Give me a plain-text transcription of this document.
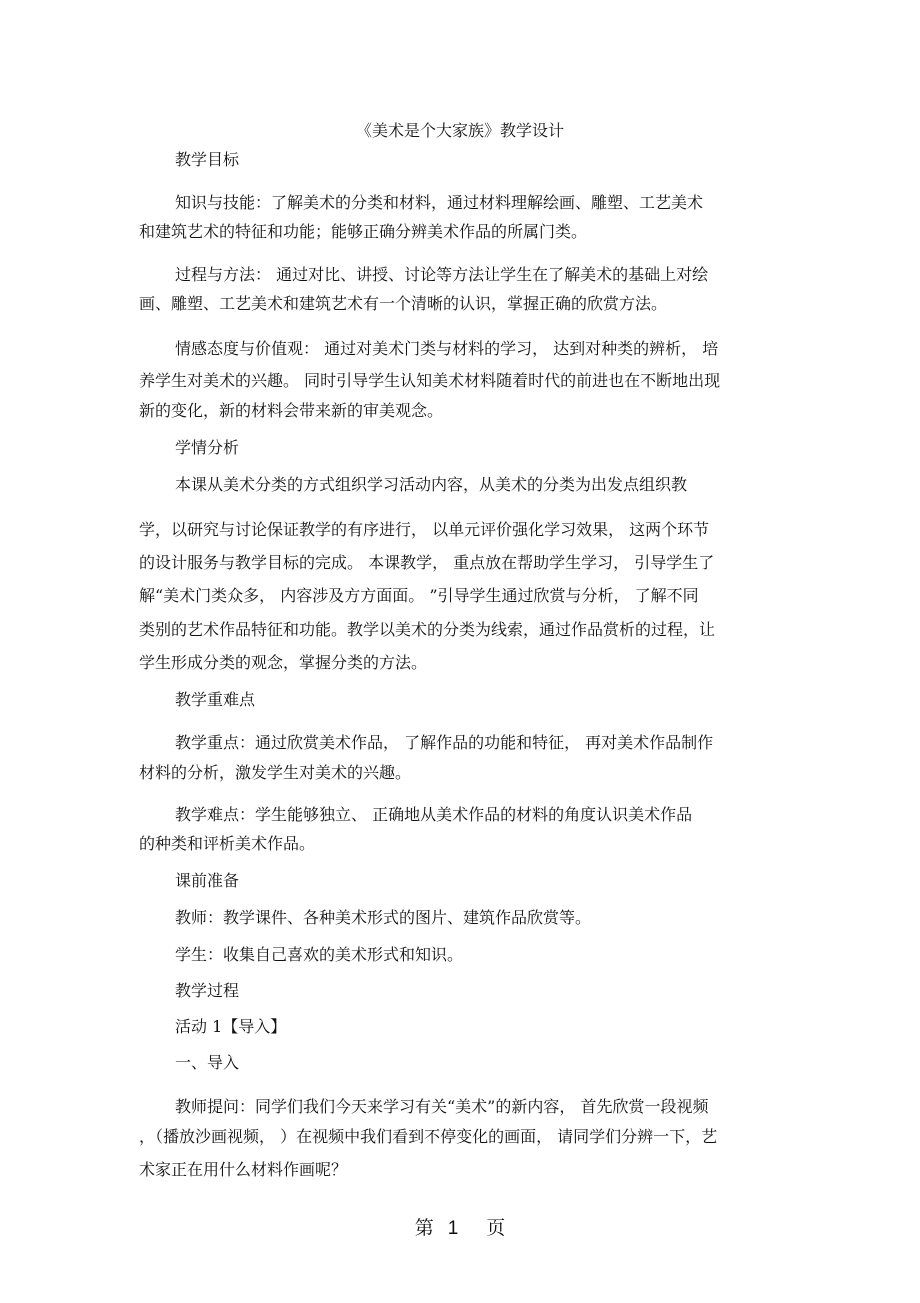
《美术是个大家族》教学设计
教学目标
知识与技能：了解美术的分类和材料，通过材料理解绘画、雕塑、工艺美术
和建筑艺术的特征和功能；能够正确分辨美术作品的所属门类。
过程与方法： 通过对比、讲授、讨论等方法让学生在了解美术的基础上对绘
画、雕塑、工艺美术和建筑艺术有一个清晰的认识，掌握正确的欣赏方法。
情感态度与价值观： 通过对美术门类与材料的学习， 达到对种类的辨析， 培
养学生对美术的兴趣。 同时引导学生认知美术材料随着时代的前进也在不断地出现
新的变化，新的材料会带来新的审美观念。
学情分析
本课从美术分类的方式组织学习活动内容，从美术的分类为出发点组织教
学，以研究与讨论保证教学的有序进行， 以单元评价强化学习效果， 这两个环节
的设计服务与教学目标的完成。 本课教学， 重点放在帮助学生学习， 引导学生了
解“美术门类众多， 内容涉及方方面面。 ”引导学生通过欣赏与分析， 了解不同
类别的艺术作品特征和功能。教学以美术的分类为线索，通过作品赏析的过程，让
学生形成分类的观念，掌握分类的方法。
教学重难点
教学重点：通过欣赏美术作品， 了解作品的功能和特征， 再对美术作品制作
材料的分析，激发学生对美术的兴趣。
教学难点：学生能够独立、 正确地从美术作品的材料的角度认识美术作品
的种类和评析美术作品。
课前准备
教师：教学课件、各种美术形式的图片、建筑作品欣赏等。
学生：收集自己喜欢的美术形式和知识。
教学过程
活动 1【导入】
一、导入
教师提问：同学们我们今天来学习有关“美术”的新内容， 首先欣赏一段视频
，（播放沙画视频， ）在视频中我们看到不停变化的画面， 请同学们分辨一下，艺
术家正在用什么材料作画呢？
第 1 页
